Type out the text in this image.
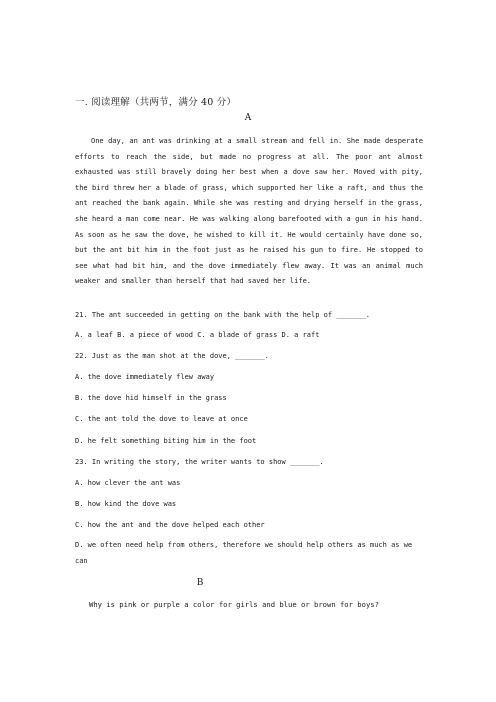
一. 阅读理解（共两节，满分 40 分）
A

One day, an ant was drinking at a small stream and fell in. She made desperate efforts to reach the side, but made no progress at all. The poor ant almost exhausted was still bravely doing her best when a dove saw her. Moved with pity, the bird threw her a blade of grass, which supported her like a raft, and thus the ant reached the bank again. While she was resting and drying herself in the grass, she heard a man come near. He was walking along barefooted with a gun in his hand. As soon as he saw the dove, he wished to kill it. He would certainly have done so, but the ant bit him in the foot just as he raised his gun to fire. He stopped to see what had bit him, and the dove immediately flew away. It was an animal much weaker and smaller than herself that had saved her life.

21. The ant succeeded in getting on the bank with the help of _______.
A. a leaf B. a piece of wood C. a blade of grass D. a raft
22. Just as the man shot at the dove, _______.
A. the dove immediately flew away
B. the dove hid himself in the grass
C. the ant told the dove to leave at once
D. he felt something biting him in the foot
23. In writing the story, the writer wants to show _______.
A. how clever the ant was
B. how kind the dove was
C. how the ant and the dove helped each other
D. we often need help from others, therefore we should help others as much as we can
B
Why is pink or purple a color for girls and blue or brown for boys?
